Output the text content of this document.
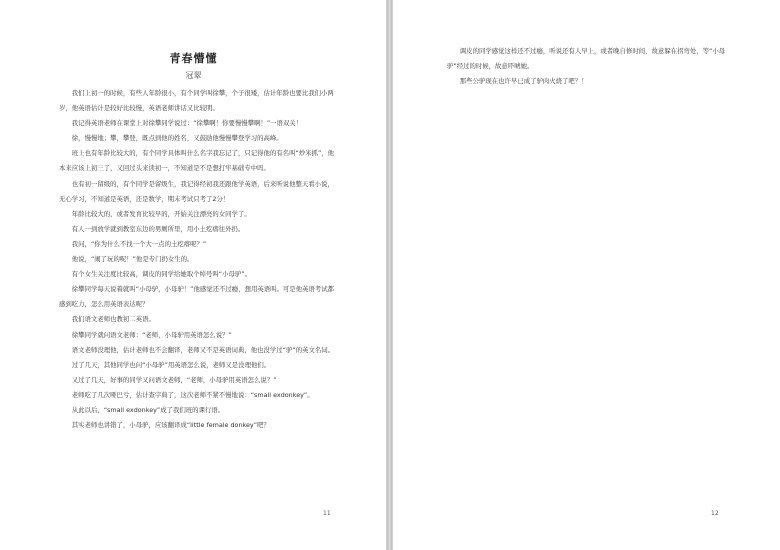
青春懵懂
冠翠

我们上初一的时候，有些人年龄很小，有个同学叫徐攀，个子很矮，估计年龄也要比我们小两岁，他英语估计是较好比较慢，英语老师讲话又比较明。

我记得英语老师在课堂上对徐攀同学说过：“徐攀啊！你要慢慢攀啊！”一语双关！

徐，慢慢地；攀，攀登，既点到他的姓名，又鼓励他慢慢攀登学习的高峰。

班上也有年龄比较大的，有个同学具体叫什么名字我忘记了，只记得他的有名叫“炒米抓”，他本来应该上初三了，又回过头来读初一，不知道是不是想打牢基础专中吗。

也有初一留级的，有个同学是留级生，我记得经初我还跟他学英语，后来听说他整天看小说，无心学习，不知道是英语，还是数学，期末考试只考了2分！

年龄比较大的，或者发育比较早的，开始关注漂亮的女同学了。

有人一到放学就到教室东边的男厕所里，用小土疙瘩往外扔。

我问，“你为什么不找一个大一点的土疙瘩呢？”

他说，“闹了玩的呢！”他是专门扔女生的。

有个女生关注度比较高，调皮的同学给她取个绰号叫“小母驴”。

徐攀同学每天说着就叫“小母驴，小母驴！”他感觉还不过瘾，想用英语叫。可是他英语考试都感到吃力，怎么用英语表达呢？

我们语文老师也教初二英语。

徐攀同学就问语文老师：“老师，小母驴用英语怎么说？”

语文老师没理他，估计老师也不会翻译，老师又不是英语词典，他也没学过“驴”的英文名词。

过了几天，其他同学也问“小母驴”用英语怎么说，老师又是没理他们。

又过了几天，好事的同学又问语文老师，“老师，小母驴用英语怎么说？”

老师吃了几次哑巴亏，估计查字典了，这次老师不紧不慢地说：“small exdonkey”。

从此以后，“small exdonkey”成了我们班的课行语。

其实老师也讲错了，小母驴，应该翻译成“little female donkey”吧？

11

调皮的同学感觉这样还不过瘾，听说还有人早上，或者晚自修时间，故意躲在拐弯处，等“小母驴”经过的时候，故意吓唬她。

那些公驴现在也许早已成了驴肉火烧了吧？！

12
